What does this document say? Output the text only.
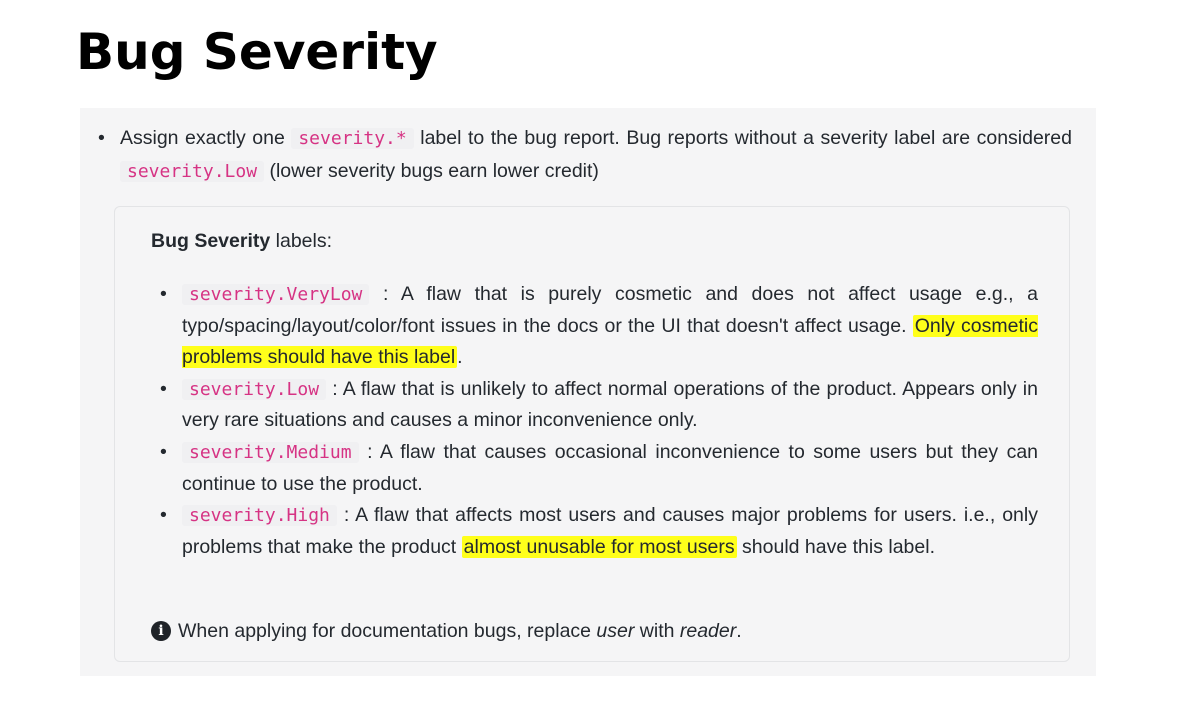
Bug Severity
• Assign exactly one severity.* label to the bug report. Bug reports without a severity label are considered severity.Low (lower severity bugs earn lower credit)

Bug Severity labels:

• severity.VeryLow : A flaw that is purely cosmetic and does not affect usage e.g., a typo/spacing/layout/color/font issues in the docs or the UI that doesn't affect usage. Only cosmetic problems should have this label .
• severity.Low : A flaw that is unlikely to affect normal operations of the product. Appears only in very rare situations and causes a minor inconvenience only.
• severity.Medium : A flaw that causes occasional inconvenience to some users but they can continue to use the product.
• severity.High : A flaw that affects most users and causes major problems for users. i.e., only problems that make the product almost unusable for most users should have this label.

i When applying for documentation bugs, replace user with reader.
